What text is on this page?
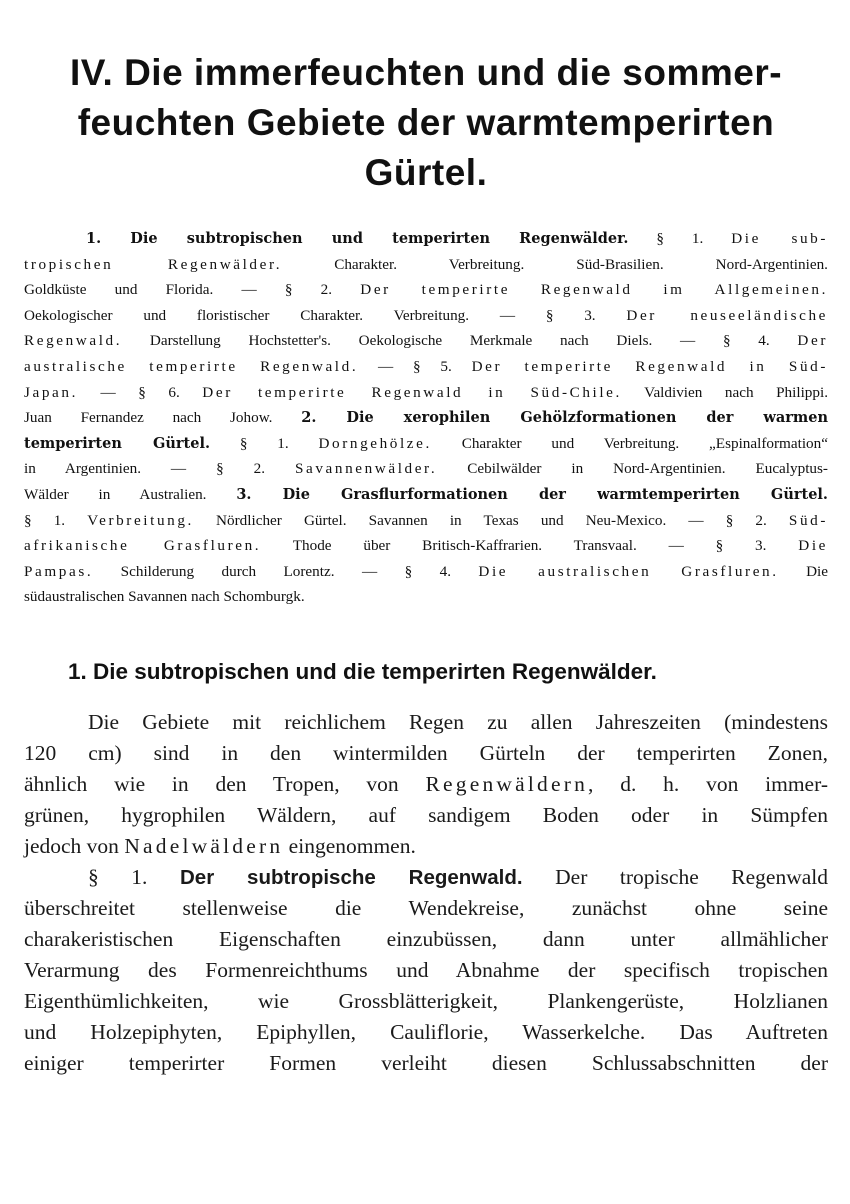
IV. Die immerfeuchten und die sommer-
feuchten Gebiete der warmtemperirten
Gürtel.
1. Die subtropischen und temperirten Regenwälder. § 1. Die sub-
tropischen Regenwälder. Charakter. Verbreitung. Süd-Brasilien. Nord-Argentinien.
Goldküste und Florida. — § 2. Der temperirte Regenwald im Allgemeinen.
Oekologischer und floristischer Charakter. Verbreitung. — § 3. Der neuseeländische
Regenwald. Darstellung Hochstetter's. Oekologische Merkmale nach Diels. — § 4. Der
australische temperirte Regenwald. — § 5. Der temperirte Regenwald in Süd-
Japan. — § 6. Der temperirte Regenwald in Süd-Chile. Valdivien nach Philippi.
Juan Fernandez nach Johow. 2. Die xerophilen Gehölzformationen der warmen
temperirten Gürtel. § 1. Dorngehölze. Charakter und Verbreitung. „Espinalformation“
in Argentinien. — § 2. Savannenwälder. Cebilwälder in Nord-Argentinien. Eucalyptus-
Wälder in Australien. 3. Die Grasflurformationen der warmtemperirten Gürtel.
§ 1. Verbreitung. Nördlicher Gürtel. Savannen in Texas und Neu-Mexico. — § 2. Süd-
afrikanische Grasfluren. Thode über Britisch-Kaffrarien. Transvaal. — § 3. Die
Pampas. Schilderung durch Lorentz. — § 4. Die australischen Grasfluren. Die
südaustralischen Savannen nach Schomburgk.
1. Die subtropischen und die temperirten Regenwälder.
Die Gebiete mit reichlichem Regen zu allen Jahreszeiten (mindestens
120 cm) sind in den wintermilden Gürteln der temperirten Zonen,
ähnlich wie in den Tropen, von Regenwäldern, d. h. von immer-
grünen, hygrophilen Wäldern, auf sandigem Boden oder in Sümpfen
jedoch von Nadelwäldern eingenommen.
§ 1. Der subtropische Regenwald. Der tropische Regenwald
überschreitet stellenweise die Wendekreise, zunächst ohne seine
charakeristischen Eigenschaften einzubüssen, dann unter allmählicher
Verarmung des Formenreichthums und Abnahme der specifisch tropischen
Eigenthümlichkeiten, wie Grossblätterigkeit, Plankengerüste, Holzlianen
und Holzepiphyten, Epiphyllen, Cauliflorie, Wasserkelche. Das Auftreten
einiger temperirter Formen verleiht diesen Schlussabschnitten der
